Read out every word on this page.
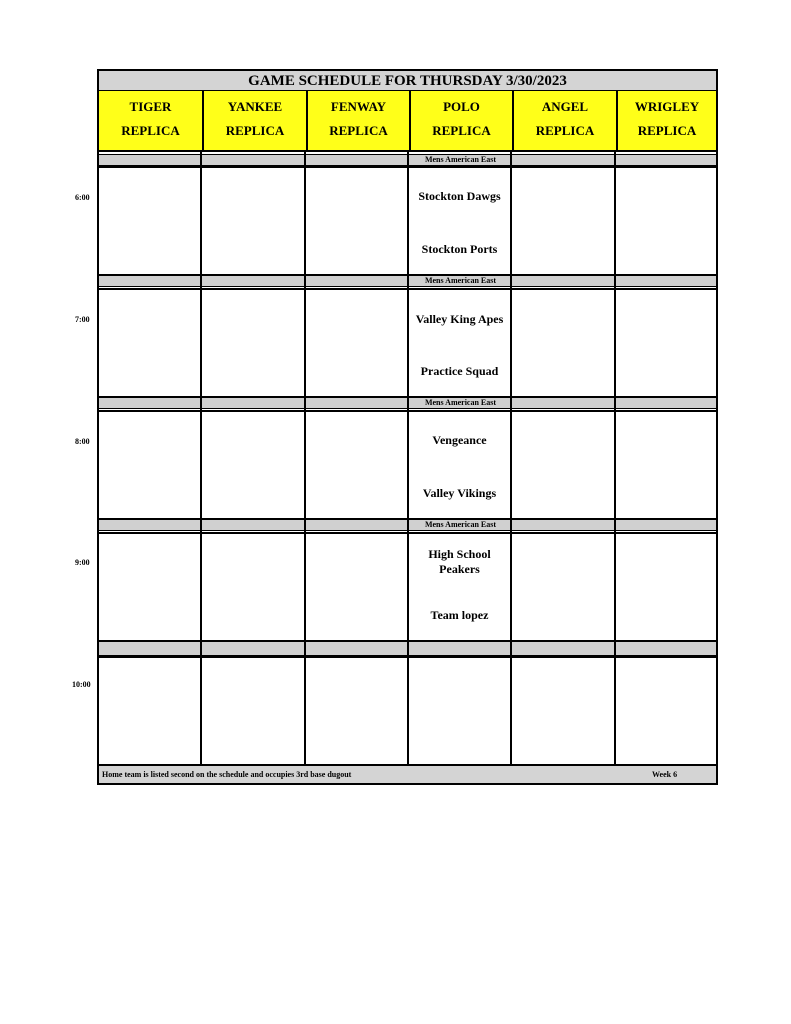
GAME SCHEDULE FOR THURSDAY 3/30/2023
TIGER
REPLICA
YANKEE
REPLICA
FENWAY
REPLICA
POLO
REPLICA
ANGEL
REPLICA
WRIGLEY
REPLICA
Mens American East
Mens American East
Mens American East
Mens American East
Stockton Dawgs
Stockton Ports
Valley King Apes
Practice Squad
Vengeance
Valley Vikings
High School Peakers
Team lopez
Home team is listed second on the schedule and occupies 3rd base dugout	Week 6
6:00
7:00
8:00
9:00
10:00
